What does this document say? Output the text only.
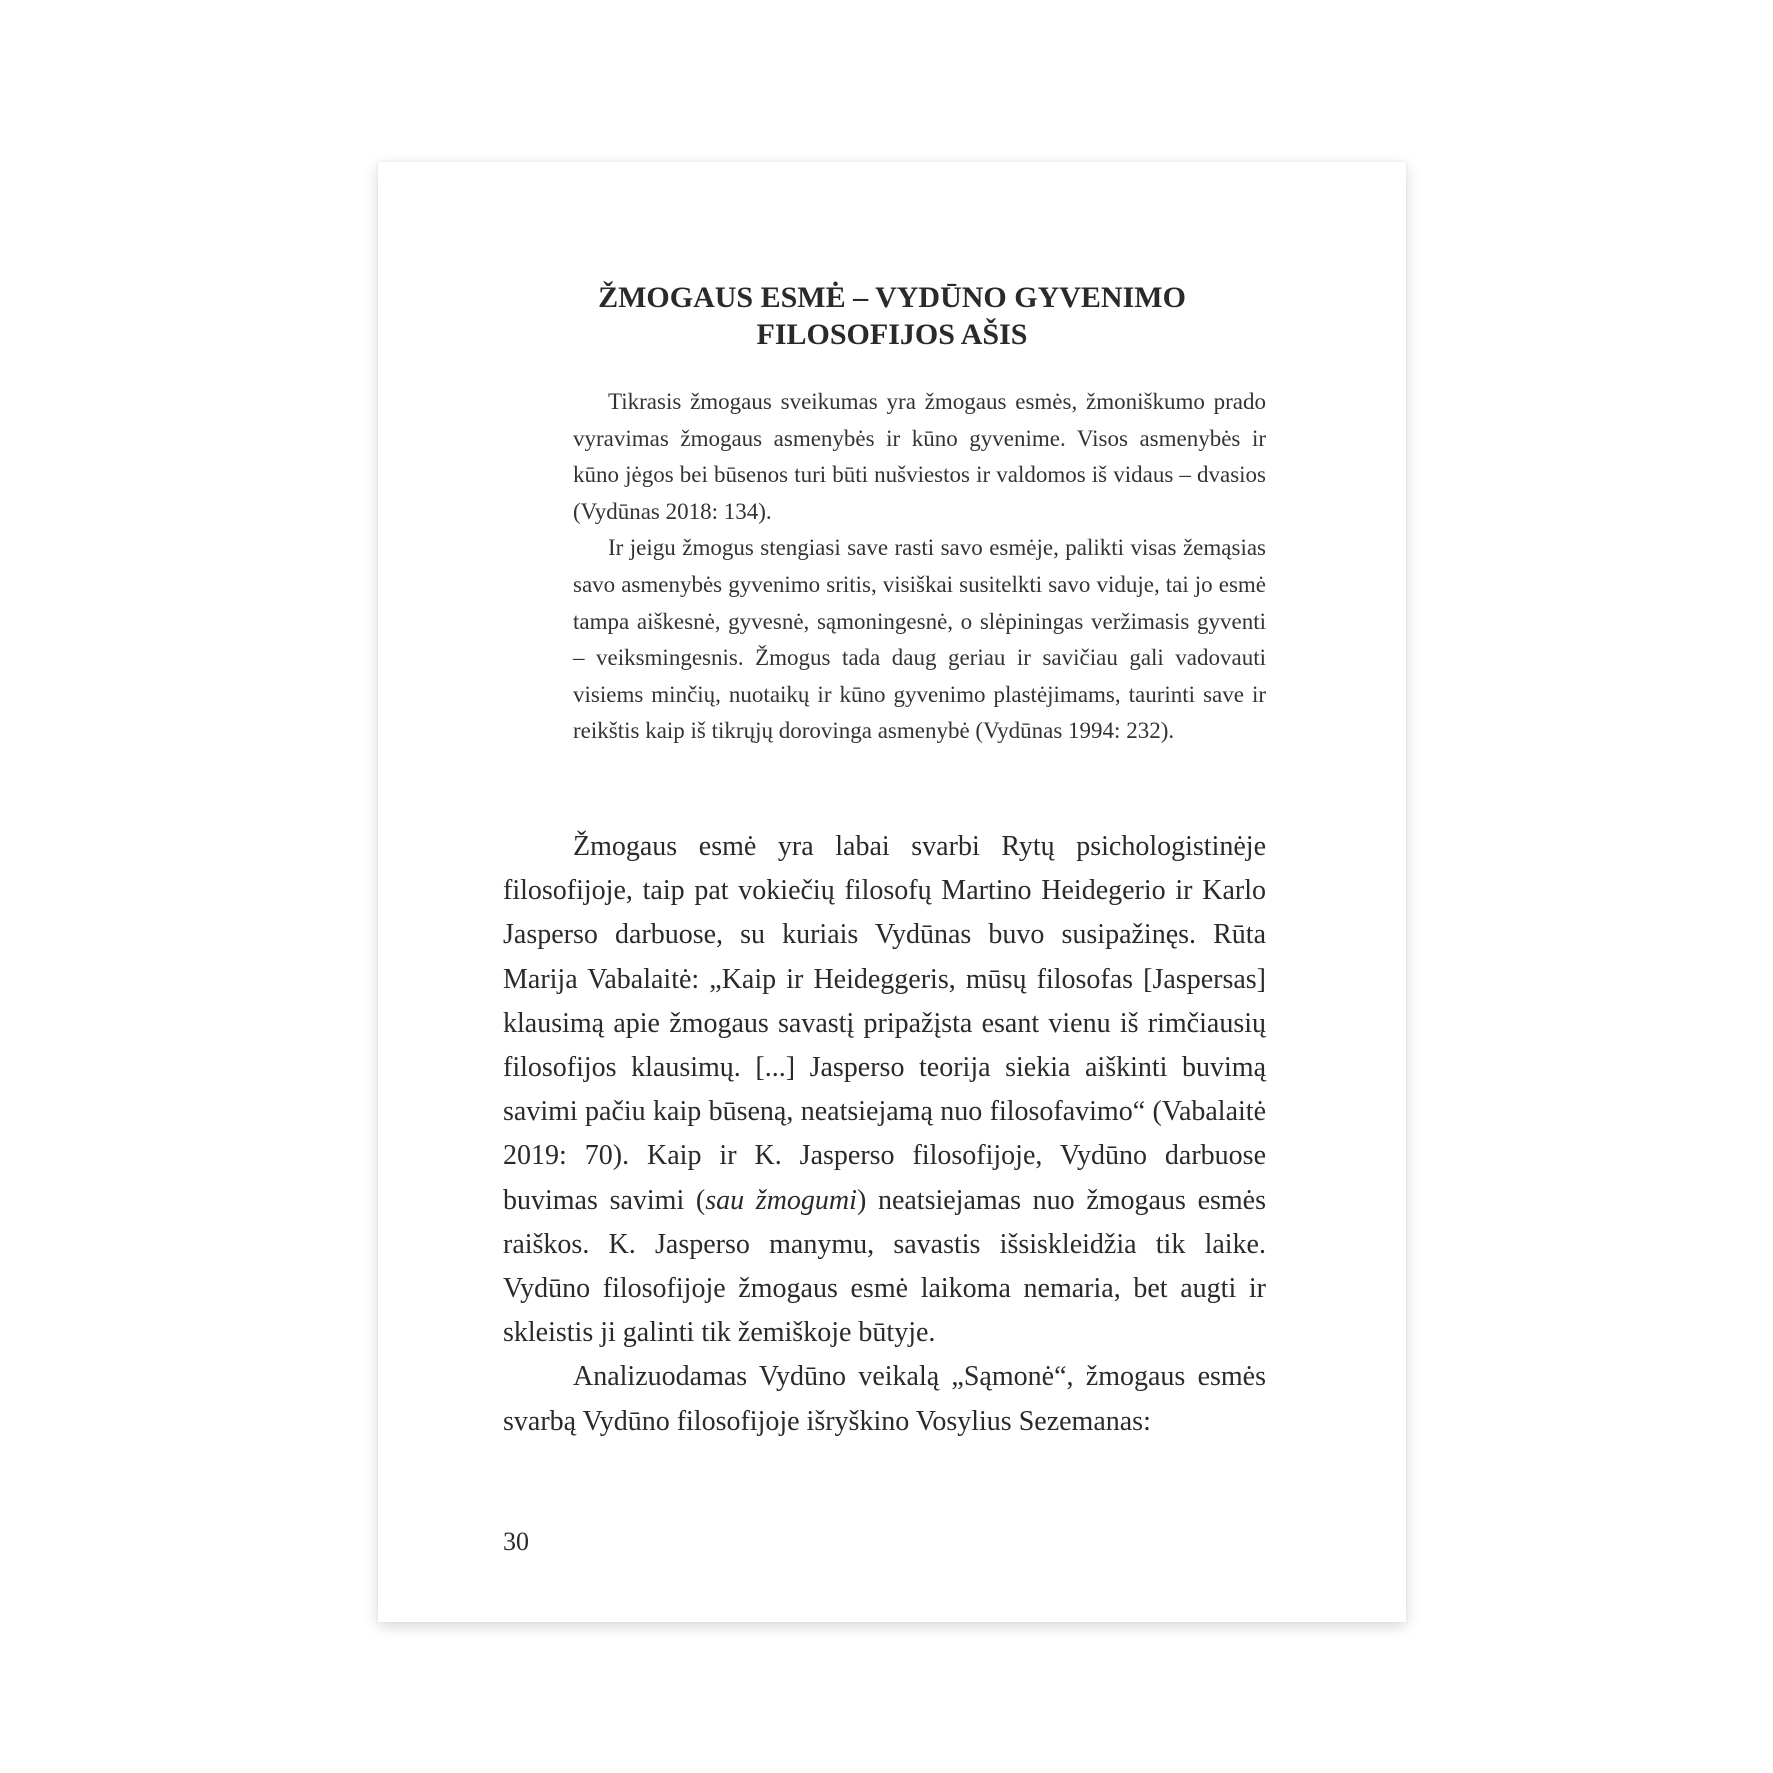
ŽMOGAUS ESMĖ – VYDŪNO GYVENIMO
FILOSOFIJOS AŠIS

Tikrasis žmogaus sveikumas yra žmogaus esmės, žmoniškumo prado vyravimas žmogaus asmenybės ir kūno gyvenime. Visos asmenybės ir kūno jėgos bei būsenos turi būti nušviestos ir valdomos iš vidaus – dvasios (Vydūnas 2018: 134).

Ir jeigu žmogus stengiasi save rasti savo esmėje, palikti visas žemąsias savo asmenybės gyvenimo sritis, visiškai susitelkti savo viduje, tai jo esmė tampa aiškesnė, gyvesnė, sąmoningesnė, o slėpiningas veržimasis gyventi – veiksmingesnis. Žmogus tada daug geriau ir savičiau gali vadovauti visiems minčių, nuotaikų ir kūno gyvenimo plastėjimams, taurinti save ir reikštis kaip iš tikrųjų dorovinga asmenybė (Vydūnas 1994: 232).

Žmogaus esmė yra labai svarbi Rytų psichologistinėje filosofijoje, taip pat vokiečių filosofų Martino Heidegerio ir Karlo Jasperso darbuose, su kuriais Vydūnas buvo susipažinęs. Rūta Marija Vabalaitė: „Kaip ir Heideggeris, mūsų filosofas [Jaspersas] klausimą apie žmogaus savastį pripažįsta esant vienu iš rimčiausių filosofijos klausimų. [...] Jasperso teorija siekia aiškinti buvimą savimi pačiu kaip būseną, neatsiejamą nuo filosofavimo“ (Vabalaitė 2019: 70). Kaip ir K. Jasperso filosofijoje, Vydūno darbuose buvimas savimi (sau žmogumi) neatsiejamas nuo žmogaus esmės raiškos. K. Jasperso manymu, savastis išsiskleidžia tik laike. Vydūno filosofijoje žmogaus esmė laikoma nemaria, bet augti ir skleistis ji galinti tik žemiškoje būtyje.

Analizuodamas Vydūno veikalą „Sąmonė“, žmogaus esmės svarbą Vydūno filosofijoje išryškino Vosylius Sezemanas:

30
